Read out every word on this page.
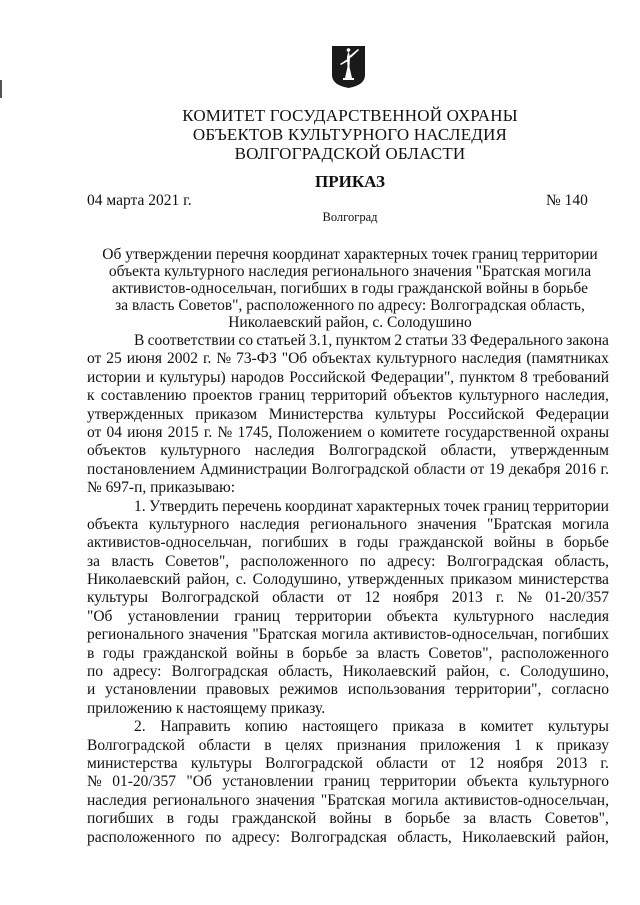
КОМИТЕТ ГОСУДАРСТВЕННОЙ ОХРАНЫ
ОБЪЕКТОВ КУЛЬТУРНОГО НАСЛЕДИЯ
ВОЛГОГРАДСКОЙ ОБЛАСТИ
ПРИКАЗ
04 марта 2021 г.	№ 140
Волгоград
Об утверждении перечня координат характерных точек границ территории
объекта культурного наследия регионального значения "Братская могила
активистов-односельчан, погибших в годы гражданской войны в борьбе
за власть Советов", расположенного по адресу: Волгоградская область,
Николаевский район, с. Солодушино
В соответствии со статьей 3.1, пунктом 2 статьи 33 Федерального закона
от 25 июня 2002 г. № 73-ФЗ "Об объектах культурного наследия (памятниках
истории и культуры) народов Российской Федерации", пунктом 8 требований
к составлению проектов границ территорий объектов культурного наследия,
утвержденных приказом Министерства культуры Российской Федерации
от 04 июня 2015 г. № 1745, Положением о комитете государственной охраны
объектов культурного наследия Волгоградской области, утвержденным
постановлением Администрации Волгоградской области от 19 декабря 2016 г.
№ 697-п, приказываю:
1. Утвердить перечень координат характерных точек границ территории
объекта культурного наследия регионального значения "Братская могила
активистов-односельчан, погибших в годы гражданской войны в борьбе
за власть Советов", расположенного по адресу: Волгоградская область,
Николаевский район, с. Солодушино, утвержденных приказом министерства
культуры Волгоградской области от 12 ноября 2013 г. № 01-20/357
"Об установлении границ территории объекта культурного наследия
регионального значения "Братская могила активистов-односельчан, погибших
в годы гражданской войны в борьбе за власть Советов", расположенного
по адресу: Волгоградская область, Николаевский район, с. Солодушино,
и установлении правовых режимов использования территории", согласно
приложению к настоящему приказу.
2. Направить копию настоящего приказа в комитет культуры
Волгоградской области в целях признания приложения 1 к приказу
министерства культуры Волгоградской области от 12 ноября 2013 г.
№ 01-20/357 "Об установлении границ территории объекта культурного
наследия регионального значения "Братская могила активистов-односельчан,
погибших в годы гражданской войны в борьбе за власть Советов",
расположенного по адресу: Волгоградская область, Николаевский район,
